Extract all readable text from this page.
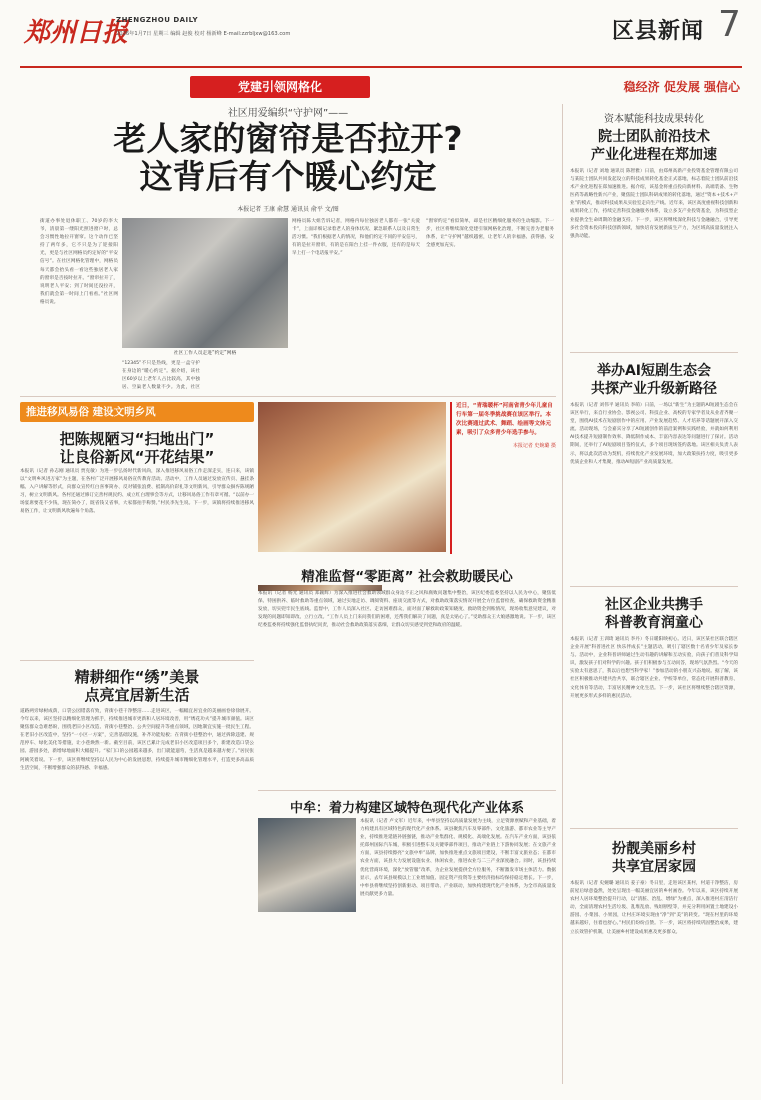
郑州日报
ZHENGZHOU DAILY
2026年1月7日 星期三 编辑 赵俊 校对 杨新峰 E-mail:zzrbljxw@163.com	区县新闻 7
党建引领网格化	稳经济 促发展 强信心
社区用爱编织“守护网”——
老人家的窗帘是否拉开?
这背后有个暖心约定
本报记者 王康 俞慧 通讯员 俞平 文/图
社区工作人员走进“约定”网格
街道办事处退休职工、70岁的李大爷，清晨第一缕阳光照进窗户时，总会习惯性地拉开窗帘。这个动作已坚持了两年多，它不只是为了迎接阳光，更是与社区网格员约定好的“平安信号”。在社区网格化管理中，网格员每天都会抬头看一看这些独居老人家的窗帘是否按时拉开。“窗帘拉开了，说明老人平安；到了时间还没拉开，我们就会第一时间上门看看。”社区网格员说。
“12345”不只是热线，更是一盒守护在身边的“暖心约定”。据介绍，该社区60岁以上老年人占比较高，其中独居、空巢老人数量不少。为此，社区
网格员陈大姐告诉记者，网格内每位独居老人都有一张“关爱卡”，上面详细记录着老人的身体状况、紧急联系人以及日常生活习惯。“我们根据老人的情况，和他们约定不同的平安信号，有的是拉开窗帘，有的是在阳台上挂一件衣服，还有的是每天早上打一个电话报平安。”
“窗帘约定”看似简单，却是社区精细化服务的生动缩影。下一步，社区将继续深化党建引领网格化治理，不断完善为老服务体系，让“守护网”越织越密，让老年人的幸福感、获得感、安全感更加充实。
推进移风易俗 建设文明乡风
把陈规陋习“扫地出门”
让良俗新风“开花结果”
本报讯（记者 孙志刚 通讯员 贾克敏）为进一步弘扬时代新风尚，深入推进移风易俗工作走深走实，连日来，该镇以“文明乡风进万家”为主题，在各村广泛开展移风易俗宣传教育活动。活动中，工作人员通过发放宣传页、悬挂条幅、入户讲解等形式，向群众宣传红白喜事简办、反对铺张浪费、抵制高价彩礼等文明新风，引导群众摒弃陈规陋习，树立文明新风。各村还通过修订完善村规民约、成立红白理事会等方式，让移风易俗工作有章可循。“以前办一场宴席要花不少钱，现在简办了，既省钱又省事，大家都拍手称赞。”村民李先生说。下一步，该镇将持续推进移风易俗工作，让文明新风吹遍每个角落。
近日，“青瑞暖杯”河南省青少年儿童自行车第一届冬季挑战赛在该区举行。本次比赛通过武术、舞蹈、绘画等文体元素，吸引了众多青少年选手参与。
本报记者 史婉璐 摄
精耕细作“绣”美景
点亮宜居新生活
道路两旁绿树成荫，口袋公园错落有致，背街小巷干净整洁……走进该区，一幅幅宜居宜业的美丽画卷徐徐展开。今年以来，该区坚持以精细化管理为抓手，持续推进城市更新和人居环境改善，用“绣花功夫”提升城市颜值。该区聚焦群众急难愁盼，围绕老旧小区改造、背街小巷整治、公共空间提升等重点领域，因地制宜实施一批民生工程。在老旧小区改造中，坚持“一小区一方案”，完善基础设施，补齐功能短板；在背街小巷整治中，通过拆除违建、规范停车、绿化美化等措施，让小巷焕然一新。截至目前，该区已累计完成老旧小区改造项目多个，新建改造口袋公园、游园多处，新增绿地面积大幅提升。“家门口的公园越来越多，出门就能遛弯，生活真是越来越方便了。”居民张阿姨笑着说。下一步，该区将继续坚持以人民为中心的发展思想，持续提升城市精细化管理水平，打造更多高品质生活空间，不断增强群众的获得感、幸福感。
精准监督“零距离” 社会救助暖民心
本报讯（记者 杨光 通讯员 郑颖辉）为深入推进社会救助领域群众身边不正之风和腐败问题集中整治，该区纪委监委坚持以人民为中心，聚焦低保、特困供养、临时救助等重点领域，通过实地走访、调阅资料、座谈交流等方式，对救助政策落实情况开展全方位监督检查，确保救助资金精准发放，切实兜牢民生底线。监督中，工作人员深入社区、走访困难群众，面对面了解救助政策知晓度、救助资金到账情况，现场收集意见建议，对发现的问题即知即改、立行立改。“工作人员上门来问我们的困难，还帮我们解决了问题，真是太贴心了。”受助群众王大娘感激地说。下一步，该区纪委监委将持续强化监督执纪问责，推动社会救助政策落实落细，让群众切实感受到党和政府的温暖。
中牟：着力构建区域特色现代化产业体系
本报讯（记者 卢文军）近年来，中牟县坚持以高质量发展为主线，立足资源禀赋和产业基础，着力构建具有区域特色的现代化产业体系。该县聚焦汽车及零部件、文化旅游、都市农业等主导产业，持续推进延链补链强链，推动产业集群化、规模化、高端化发展。在汽车产业方面，该县依托郑州国际汽车城，积极引进整车及关键零部件项目，推动产业链上下游协同发展；在文旅产业方面，该县持续擦亮“文旅中牟”品牌，加快推进重点文旅项目建设，不断丰富文旅业态；在都市农业方面，该县大力发展设施农业、休闲农业，推进农业与二三产业深度融合。同时，该县持续优化营商环境，深化“放管服”改革，为企业发展提供全方位服务，不断激发市场主体活力。数据显示，去年该县规模以上工业增加值、固定资产投资等主要经济指标均保持稳定增长。下一步，中牟县将继续坚持创新驱动、项目带动、产业联动，加快构建现代化产业体系，为全市高质量发展贡献更多力量。
资本赋能科技成果转化
院士团队前沿技术
产业化进程在郑加速
本报讯（记者 刘地 通讯员 陈智雅）日前，由郑州高新产业投资基金管理有限公司与某院士团队共同发起设立的科技成果转化基金正式落地，标志着院士团队前沿技术产业化进程在郑加速推进。据介绍，该基金将重点投向新材料、高端装备、生物医药等战略性新兴产业，聚焦院士团队科研成果的转化落地，通过“资本+技术+产业”的模式，推动科技成果从实验室走向生产线。近年来，该区高度重视科技创新和成果转化工作，持续完善科技金融服务体系，设立多支产业投资基金，为科技型企业提供全生命周期的金融支持。下一步，该区将继续深化科技与金融融合，引导更多社会资本投向科技创新领域，加快培育发展新质生产力，为区域高质量发展注入强劲动能。
举办AI短剧生态会
共探产业升级新路径
本报讯（记者 刘伟平 通讯员 李萌）日前，一场以“新生”为主题的AI短剧生态会在该区举行，来自行业协会、影视公司、科技企业、高校的专家学者及从业者齐聚一堂，围绕AI技术在短剧创作中的应用、产业发展趋势、人才培养等话题展开深入交流。活动现场，与会嘉宾分享了AI短剧创作的前沿案例和实践经验，并就如何利用AI技术提升短剧制作效率、降低制作成本、丰富内容表达等问题进行了探讨。活动期间，还举行了AI短剧项目签约仪式，多个项目现场签约落地。该区相关负责人表示，将以此次活动为契机，持续优化产业发展环境，加大政策扶持力度，吸引更多优质企业和人才集聚，推动AI短剧产业高质量发展。
社区企业共携手
科普教育润童心
本报讯（记者 王训琦 通讯员 李丹）冬日暖阳映初心。近日，该区某社区联合辖区企业开展“科普进社区 快乐伴成长”主题活动，吸引了辖区数十名青少年及家长参与。活动中，企业科普讲师通过生动有趣的讲解和互动实验，向孩子们普及科学知识，激发孩子们对科学的兴趣。孩子们积极参与互动问答，现场气氛热烈。“今天的实验太有意思了，我以后也想当科学家！”参加活动的小朋友兴奋地说。据了解，该社区积极推动共建共治共享，联合辖区企业、学校等单位，常态化开展科普教育、文化体育等活动，丰富居民精神文化生活。下一步，该社区将继续整合辖区资源，开展更多形式多样的惠民活动。
扮靓美丽乡村
共享宜居家园
本报讯（记者 史婉璐 通讯员 姜子豪）冬日里，走进该区某村，村道干净整洁，房前屋后绿意盎然，处处呈现出一幅美丽宜居的乡村画卷。今年以来，该区持续开展农村人居环境整治提升行动，以“清脏、治乱、增绿”为重点，深入推进村庄清洁行动，全面清理农村生活垃圾、乱堆乱放、残垣断壁等，并充分利用闲置土地建设小游园、小菜园、小果园，让村庄环境实现由“净”到“美”的转变。“现在村里的环境越来越好，住着也舒心。”村民们纷纷点赞。下一步，该区将持续巩固整治成果，建立长效管护机制，让美丽乡村建设成果惠及更多群众。
